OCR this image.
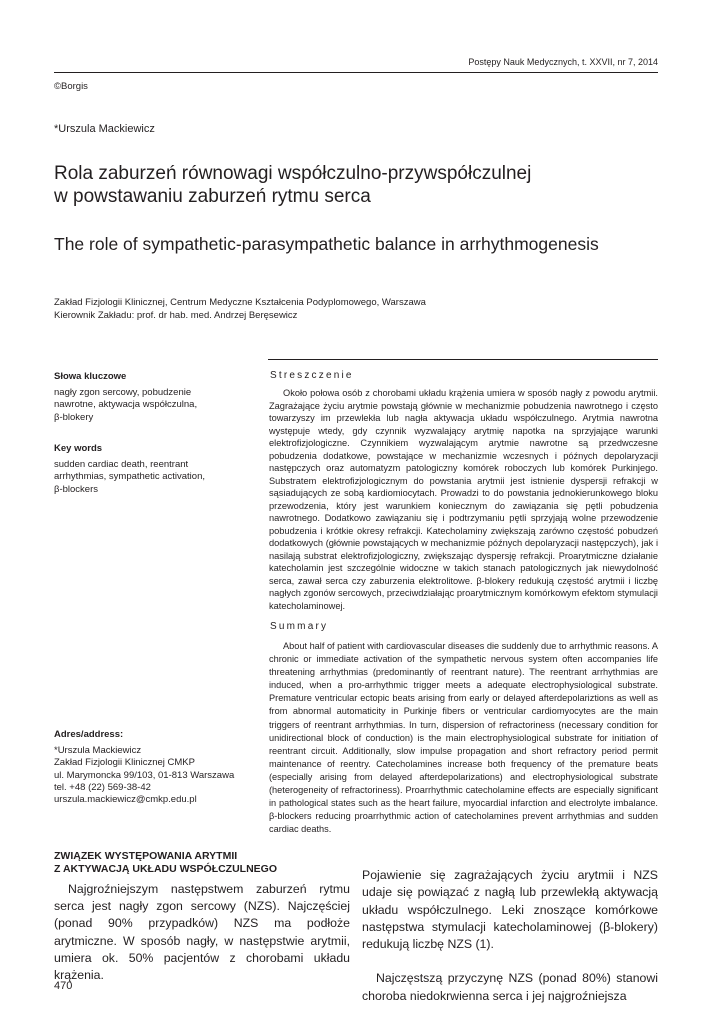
Postępy Nauk Medycznych, t. XXVII, nr 7, 2014
©Borgis
*Urszula Mackiewicz
Rola zaburzeń równowagi współczulno-przywspółczulnej
w powstawaniu zaburzeń rytmu serca
The role of sympathetic-parasympathetic balance in arrhythmogenesis
Zakład Fizjologii Klinicznej, Centrum Medyczne Kształcenia Podyplomowego, Warszawa
Kierownik Zakładu: prof. dr hab. med. Andrzej Beręsewicz
Słowa kluczowe
nagły zgon sercowy, pobudzenie
nawrotne, aktywacja współczulna,
β-blokery
Key words
sudden cardiac death, reentrant
arrhythmias, sympathetic activation,
β-blockers
Adres/address:
*Urszula Mackiewicz
Zakład Fizjologii Klinicznej CMKP
ul. Marymoncka 99/103, 01-813 Warszawa
tel. +48 (22) 569-38-42
urszula.mackiewicz@cmkp.edu.pl
Streszczenie
Około połowa osób z chorobami układu krążenia umiera w sposób nagły z powodu arytmii. Zagrażające życiu arytmie powstają głównie w mechanizmie pobudzenia nawrotnego i często towarzyszy im przewlekła lub nagła aktywacja układu współczulnego. Arytmia nawrotna występuje wtedy, gdy czynnik wyzwalający arytmię napotka na sprzyjające warunki elektrofizjologiczne. Czynnikiem wyzwalającym arytmie nawrotne są przedwczesne pobudzenia dodatkowe, powstające w mechanizmie wczesnych i późnych depolaryzacji następczych oraz automatyzm patologiczny komórek roboczych lub komórek Purkinjego. Substratem elektrofizjologicznym do powstania arytmii jest istnienie dyspersji refrakcji w sąsiadujących ze sobą kardiomiocytach. Prowadzi to do powstania jednokierunkowego bloku przewodzenia, który jest warunkiem koniecznym do zawiązania się pętli pobudzenia nawrotnego. Dodatkowo zawiązaniu się i podtrzymaniu pętli sprzyjają wolne przewodzenie pobudzenia i krótkie okresy refrakcji. Katecholaminy zwiększają zarówno częstość pobudzeń dodatkowych (głównie powstających w mechanizmie późnych depolaryzacji następczych), jak i nasilają substrat elektrofizjologiczny, zwiększając dyspersję refrakcji. Proarytmiczne działanie katecholamin jest szczególnie widoczne w takich stanach patologicznych jak niewydolność serca, zawał serca czy zaburzenia elektrolitowe. β-blokery redukują częstość arytmii i liczbę nagłych zgonów sercowych, przeciwdziałając proarytmicznym komórkowym efektom stymulacji katecholaminowej.
Summary
About half of patient with cardiovascular diseases die suddenly due to arrhythmic reasons. A chronic or immediate activation of the sympathetic nervous system often accompanies life threatening arrhythmias (predominantly of reentrant nature). The reentrant arrhythmias are induced, when a pro-arrhythmic trigger meets a adequate electrophysiological substrate. Premature ventricular ectopic beats arising from early or delayed afterdepolariztions as well as from abnormal automaticity in Purkinje fibers or ventricular cardiomyocytes are the main triggers of reentrant arrhythmias. In turn, dispersion of refractoriness (necessary condition for unidirectional block of conduction) is the main electrophysiological substrate for initiation of reentrant circuit. Additionally, slow impulse propagation and short refractory period permit maintenance of reentry. Catecholamines increase both frequency of the premature beats (especially arising from delayed afterdepolarizations) and electrophysiological substrate (heterogeneity of refractoriness). Proarrhythmic catecholamine effects are especially significant in pathological states such as the heart failure, myocardial infarction and electrolyte imbalance. β-blockers reducing proarrhythmic action of catecholamines prevent arrhythmias and sudden cardiac deaths.
ZWIĄZEK WYSTĘPOWANIA ARYTMII
Z AKTYWACJĄ UKŁADU WSPÓŁCZULNEGO
Najgroźniejszym następstwem zaburzeń rytmu serca jest nagły zgon sercowy (NZS). Najczęściej (ponad 90% przypadków) NZS ma podłoże arytmiczne. W sposób nagły, w następstwie arytmii, umiera ok. 50% pacjentów z chorobami układu krążenia.

Pojawienie się zagrażających życiu arytmii i NZS udaje się powiązać z nagłą lub przewlekłą aktywacją układu współczulnego. Leki znoszące komórkowe następstwa stymulacji katecholaminowej (β-blokery) redukują liczbę NZS (1).

Najczęstszą przyczynę NZS (ponad 80%) stanowi choroba niedokrwienna serca i jej najgroźniejsza

470
